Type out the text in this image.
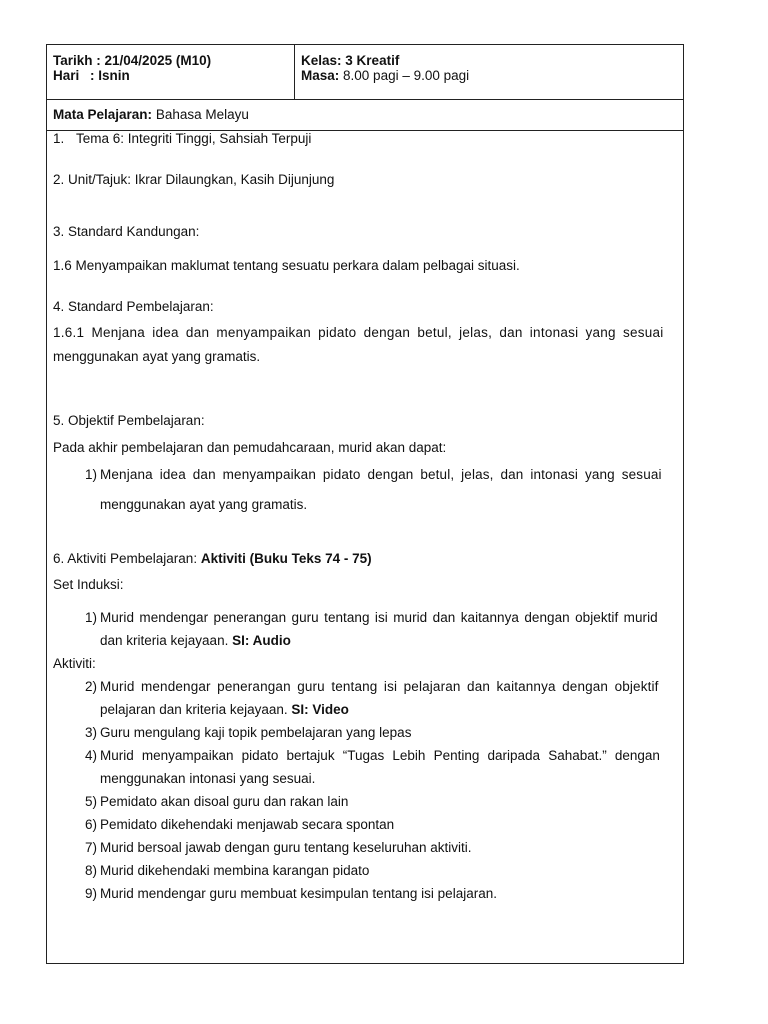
Tarikh : 21/04/2025 (M10)
Hari : Isnin
Kelas: 3 Kreatif
Masa: 8.00 pagi – 9.00 pagi
Mata Pelajaran: Bahasa Melayu
1. Tema 6: Integriti Tinggi, Sahsiah Terpuji
2. Unit/Tajuk: Ikrar Dilaungkan, Kasih Dijunjung
3. Standard Kandungan:
1.6 Menyampaikan maklumat tentang sesuatu perkara dalam pelbagai situasi.
4. Standard Pembelajaran:
1.6.1 Menjana idea dan menyampaikan pidato dengan betul, jelas, dan intonasi yang sesuai
menggunakan ayat yang gramatis.
5. Objektif Pembelajaran:
Pada akhir pembelajaran dan pemudahcaraan, murid akan dapat:
1) Menjana idea dan menyampaikan pidato dengan betul, jelas, dan intonasi yang sesuai
menggunakan ayat yang gramatis.
6. Aktiviti Pembelajaran: Aktiviti (Buku Teks 74 - 75)
Set Induksi:
1) Murid mendengar penerangan guru tentang isi murid dan kaitannya dengan objektif murid
dan kriteria kejayaan. SI: Audio
Aktiviti:
2) Murid mendengar penerangan guru tentang isi pelajaran dan kaitannya dengan objektif
pelajaran dan kriteria kejayaan. SI: Video
3) Guru mengulang kaji topik pembelajaran yang lepas
4) Murid menyampaikan pidato bertajuk “Tugas Lebih Penting daripada Sahabat.” dengan
menggunakan intonasi yang sesuai.
5) Pemidato akan disoal guru dan rakan lain
6) Pemidato dikehendaki menjawab secara spontan
7) Murid bersoal jawab dengan guru tentang keseluruhan aktiviti.
8) Murid dikehendaki membina karangan pidato
9) Murid mendengar guru membuat kesimpulan tentang isi pelajaran.
